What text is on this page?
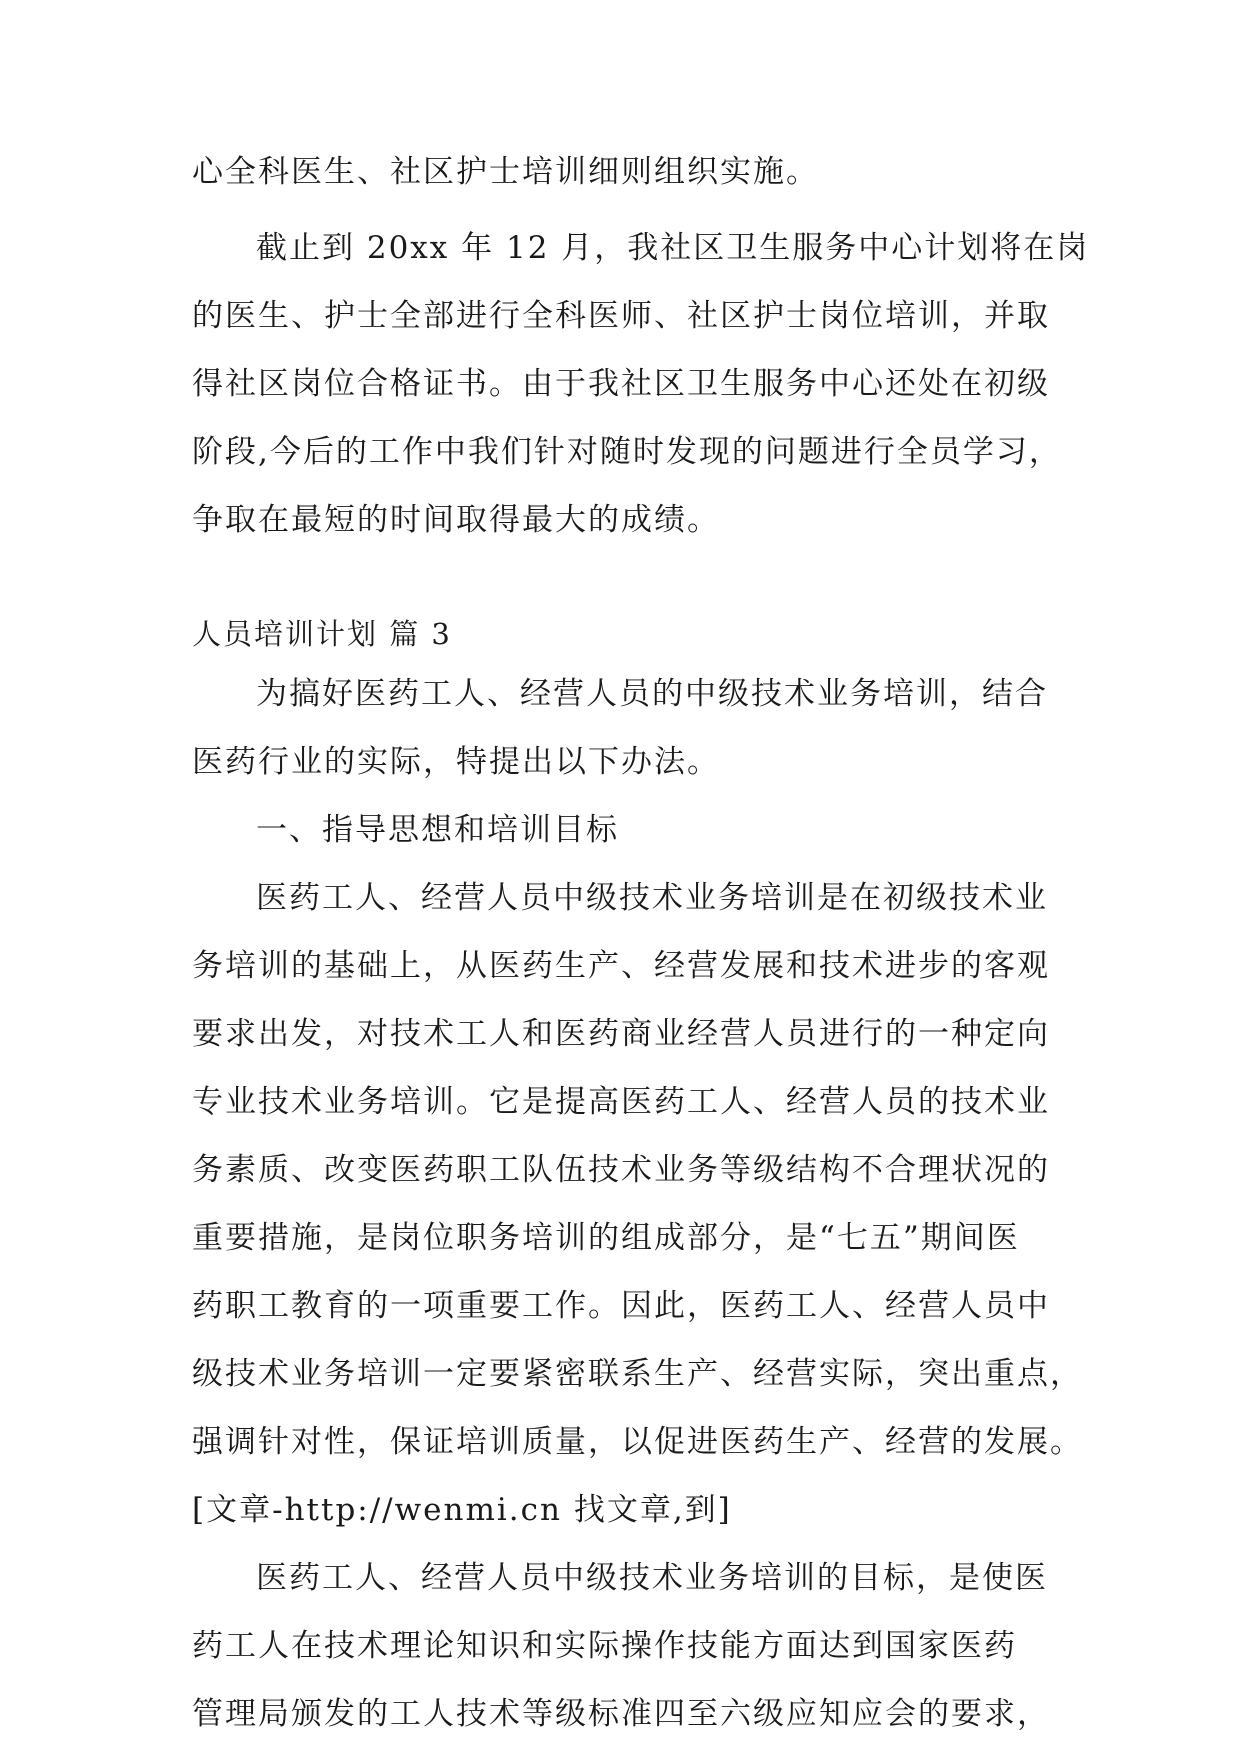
心全科医生、社区护士培训细则组织实施。
截止到 20xx 年 12 月，我社区卫生服务中心计划将在岗
的医生、护士全部进行全科医师、社区护士岗位培训，并取
得社区岗位合格证书。由于我社区卫生服务中心还处在初级
阶段,今后的工作中我们针对随时发现的问题进行全员学习，
争取在最短的时间取得最大的成绩。
人员培训计划 篇 3
为搞好医药工人、经营人员的中级技术业务培训，结合
医药行业的实际，特提出以下办法。
一、指导思想和培训目标
医药工人、经营人员中级技术业务培训是在初级技术业
务培训的基础上，从医药生产、经营发展和技术进步的客观
要求出发，对技术工人和医药商业经营人员进行的一种定向
专业技术业务培训。它是提高医药工人、经营人员的技术业
务素质、改变医药职工队伍技术业务等级结构不合理状况的
重要措施，是岗位职务培训的组成部分，是“七五”期间医
药职工教育的一项重要工作。因此，医药工人、经营人员中
级技术业务培训一定要紧密联系生产、经营实际，突出重点，
强调针对性，保证培训质量，以促进医药生产、经营的发展。
[文章-http://wenmi.cn 找文章,到]
医药工人、经营人员中级技术业务培训的目标，是使医
药工人在技术理论知识和实际操作技能方面达到国家医药
管理局颁发的工人技术等级标准四至六级应知应会的要求，
